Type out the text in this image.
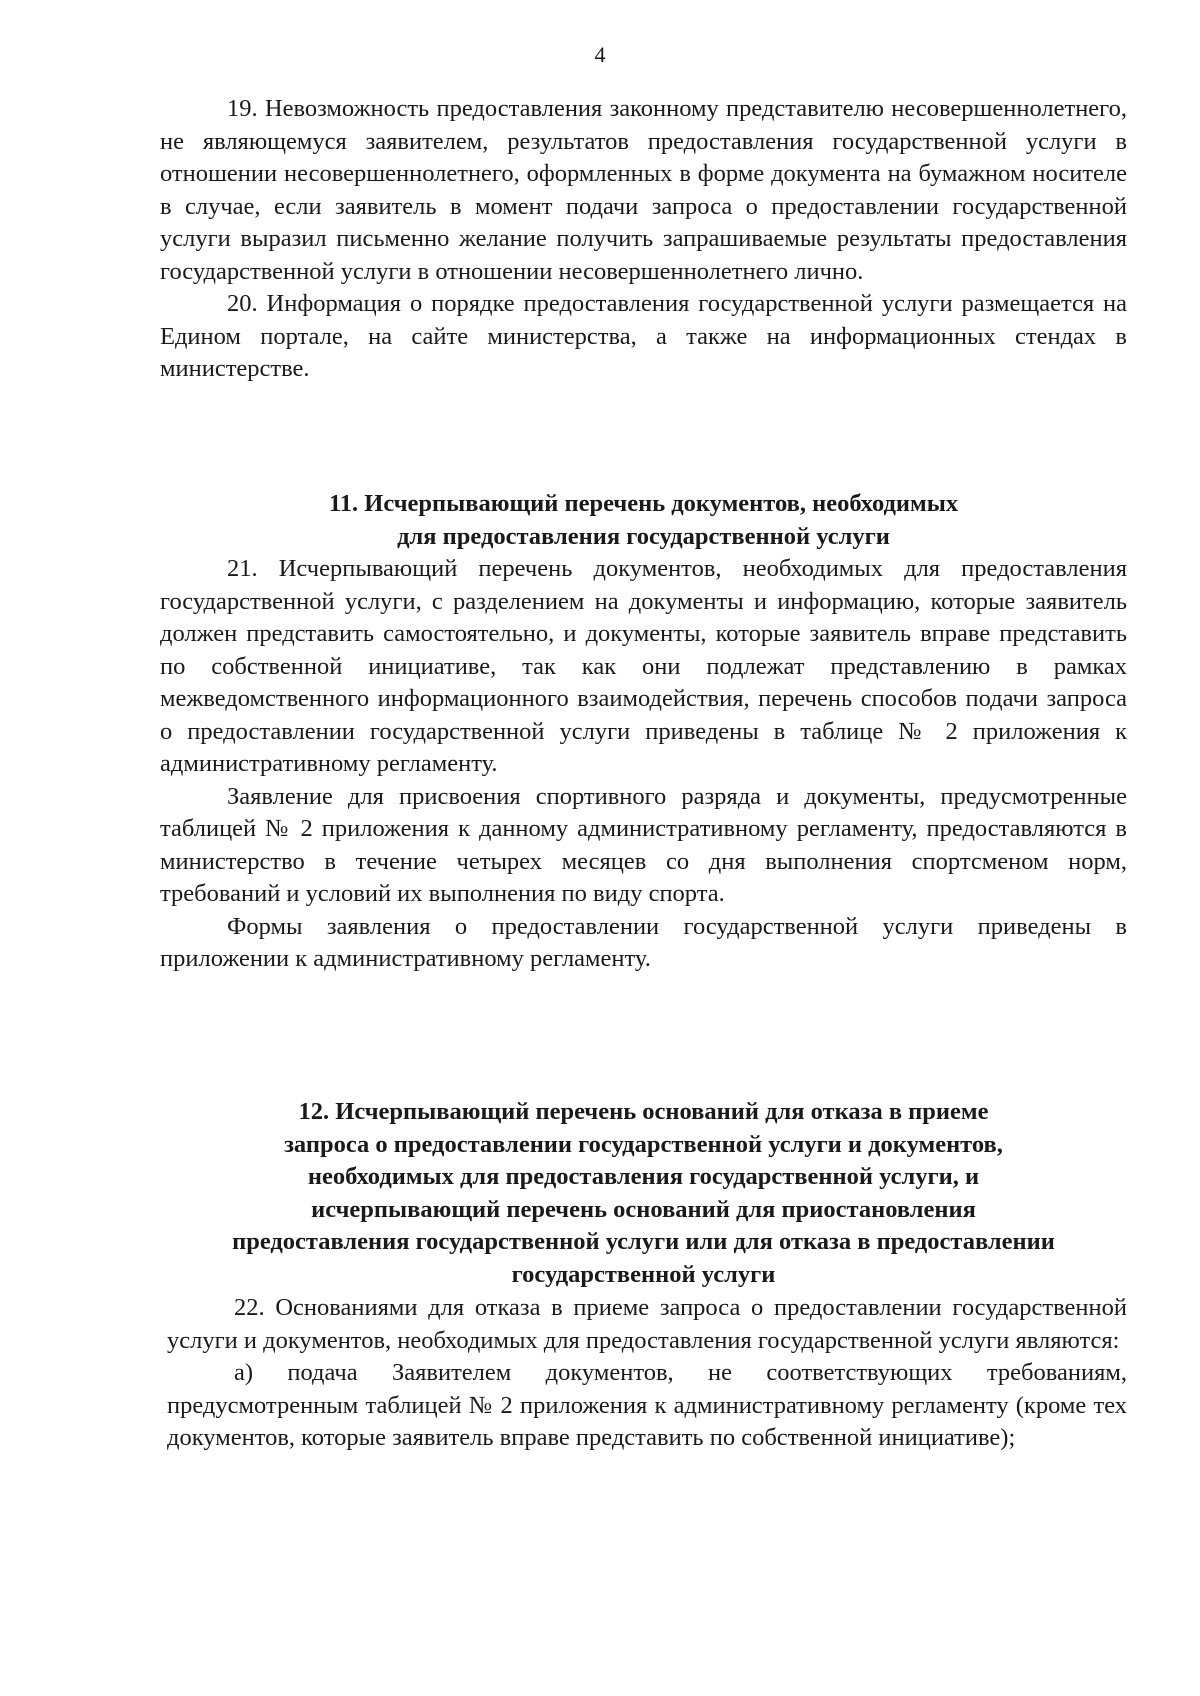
4

19. Невозможность предоставления законному представителю несовершеннолетнего, не являющемуся заявителем, результатов предоставления государственной услуги в отношении несовершеннолетнего, оформленных в форме документа на бумажном носителе в случае, если заявитель в момент подачи запроса о предоставлении государственной услуги выразил письменно желание получить запрашиваемые результаты предоставления государственной услуги в отношении несовершеннолетнего лично.

20. Информация о порядке предоставления государственной услуги размещается на Едином портале, на сайте министерства, а также на информационных стендах в министерстве.

11. Исчерпывающий перечень документов, необходимых
для предоставления государственной услуги

21. Исчерпывающий перечень документов, необходимых для предоставления государственной услуги, с разделением на документы и информацию, которые заявитель должен представить самостоятельно, и документы, которые заявитель вправе представить по собственной инициативе, так как они подлежат представлению в рамках межведомственного информационного взаимодействия, перечень способов подачи запроса о предоставлении государственной услуги приведены в таблице № 2 приложения к административному регламенту.

Заявление для присвоения спортивного разряда и документы, предусмотренные таблицей № 2 приложения к данному административному регламенту, предоставляются в министерство в течение четырех месяцев со дня выполнения спортсменом норм, требований и условий их выполнения по виду спорта.

Формы заявления о предоставлении государственной услуги приведены в приложении к административному регламенту.

12. Исчерпывающий перечень оснований для отказа в приеме
запроса о предоставлении государственной услуги и документов,
необходимых для предоставления государственной услуги, и
исчерпывающий перечень оснований для приостановления
предоставления государственной услуги или для отказа в предоставлении
государственной услуги

22. Основаниями для отказа в приеме запроса о предоставлении государственной услуги и документов, необходимых для предоставления государственной услуги являются:

а) подача Заявителем документов, не соответствующих требованиям, предусмотренным таблицей № 2 приложения к административному регламенту (кроме тех документов, которые заявитель вправе представить по собственной инициативе);
